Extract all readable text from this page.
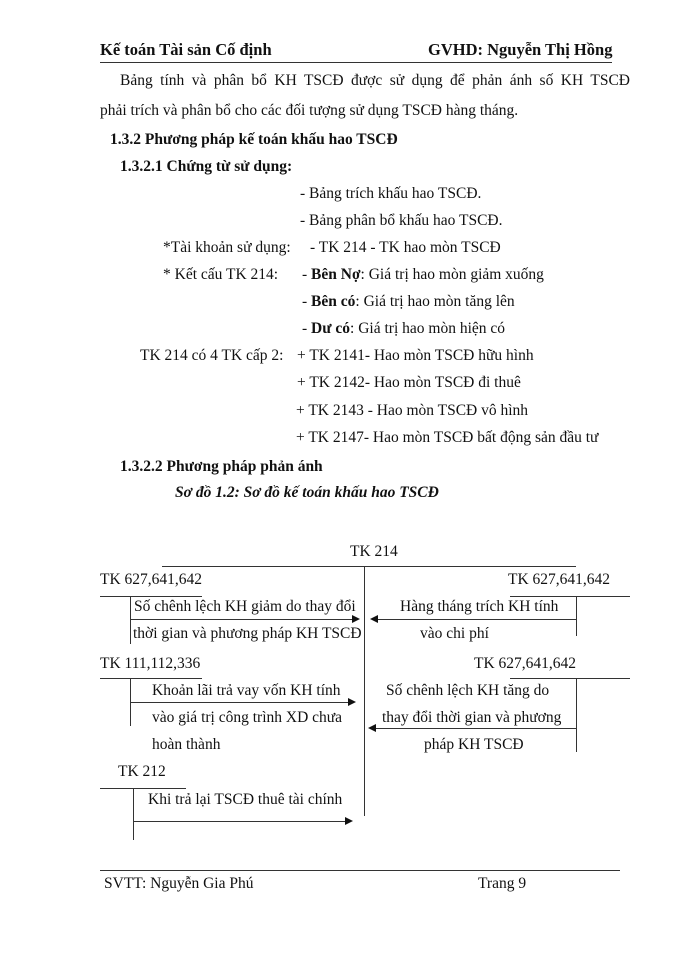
Kế toán Tài sản Cố định	GVHD: Nguyễn Thị Hồng
Bảng tính và phân bổ KH TSCĐ được sử dụng để phản ánh số KH TSCĐ
phải trích và phân bổ cho các đối tượng sử dụng TSCĐ hàng tháng.
1.3.2 Phương pháp kế toán khấu hao TSCĐ
1.3.2.1 Chứng từ sử dụng:
- Bảng trích khấu hao TSCĐ.
- Bảng phân bổ khấu hao TSCĐ.
*Tài khoản sử dụng: - TK 214 - TK hao mòn TSCĐ
* Kết cấu TK 214: - Bên Nợ: Giá trị hao mòn giảm xuống
- Bên có: Giá trị hao mòn tăng lên
- Dư có: Giá trị hao mòn hiện có
TK 214 có 4 TK cấp 2: + TK 2141- Hao mòn TSCĐ hữu hình
+ TK 2142- Hao mòn TSCĐ đi thuê
+ TK 2143 - Hao mòn TSCĐ vô hình
+ TK 2147- Hao mòn TSCĐ bất động sản đầu tư
1.3.2.2 Phương pháp phản ánh
Sơ đồ 1.2: Sơ đồ kế toán khấu hao TSCĐ
TK 214
TK 627,641,642
Số chênh lệch KH giảm do thay đổi
thời gian và phương pháp KH TSCĐ
TK 627,641,642
Hàng tháng trích KH tính
vào chi phí
TK 111,112,336
Khoản lãi trả vay vốn KH tính
vào giá trị công trình XD chưa
hoàn thành
TK 627,641,642
Số chênh lệch KH tăng do
thay đổi thời gian và phương
pháp KH TSCĐ
TK 212
Khi trả lại TSCĐ thuê tài chính
SVTT: Nguyễn Gia Phú	Trang 9
